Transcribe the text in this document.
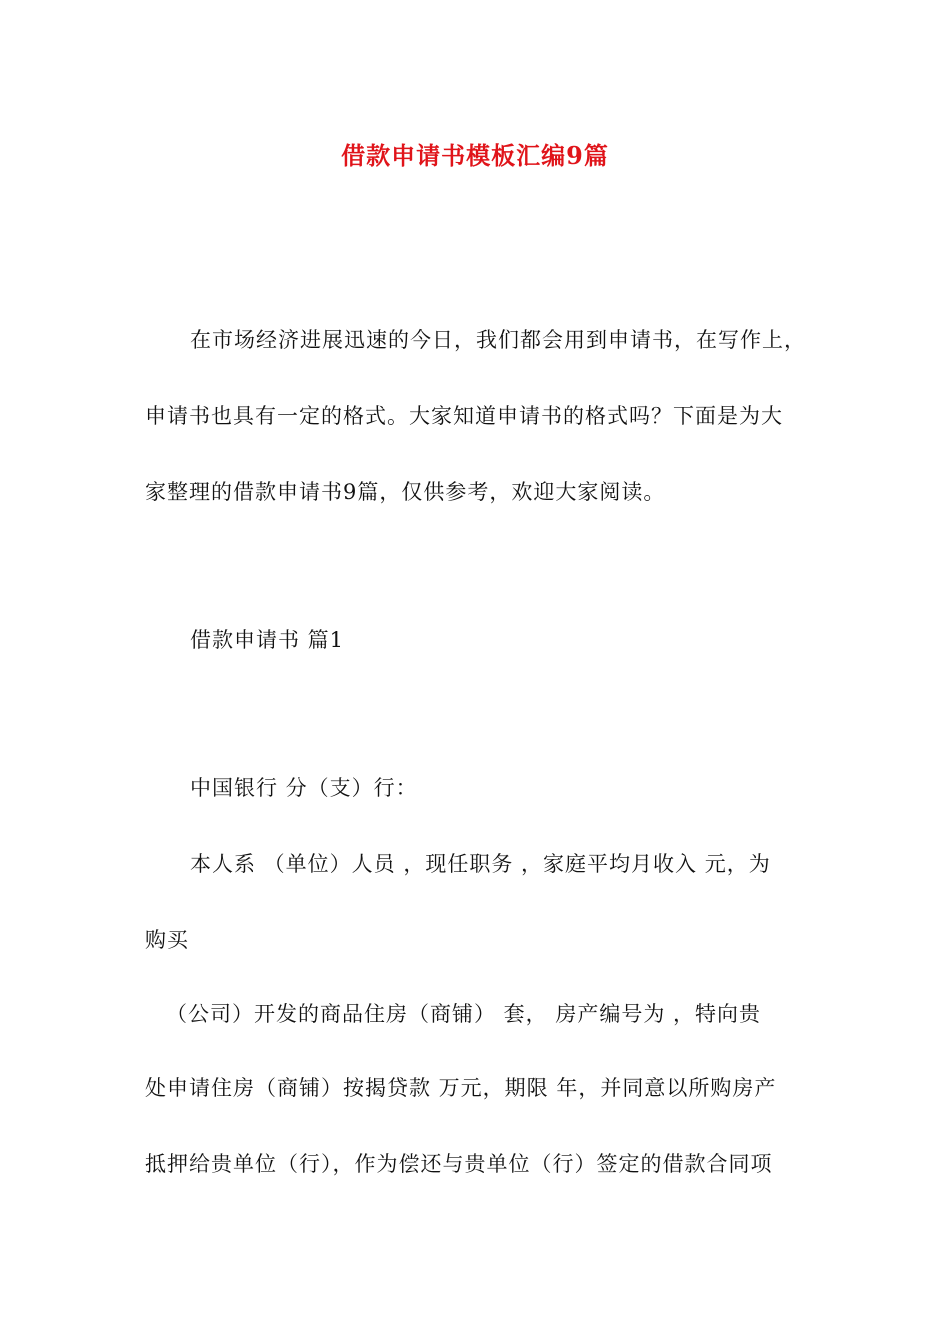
借款申请书模板汇编9篇
在市场经济进展迅速的今日，我们都会用到申请书，在写作上，
申请书也具有一定的格式。大家知道申请书的格式吗？下面是为大
家整理的借款申请书9篇，仅供参考，欢迎大家阅读。
借款申请书 篇1
中国银行 分（支）行：
本人系 （单位）人员 ，现任职务 ，家庭平均月收入 元，为
购买
（公司）开发的商品住房（商铺） 套， 房产编号为 ，特向贵
处申请住房（商铺）按揭贷款 万元，期限 年，并同意以所购房产
抵押给贵单位（行），作为偿还与贵单位（行）签定的借款合同项
